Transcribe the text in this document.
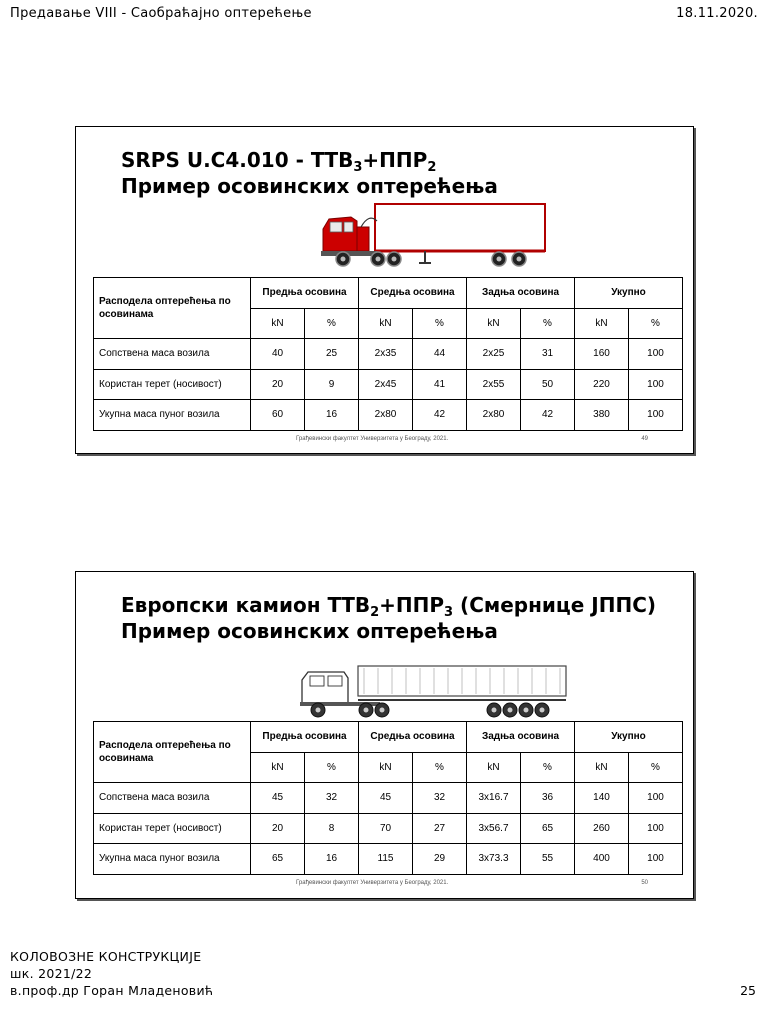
Предавање VIII - Саобраћајно оптерећење	18.11.2020.
SRPS $U.C4.010 - ТТВ_3+ППР_2$
Пример осовинских оптерећења
Расподела оптерећења по осовинама	Предња осовина		Средња осовина		Задња осовина		Укупно	
	kN	%	kN	%	kN	%	kN	%
Сопствена маса возила	40	25	2x35	44	2x25	31	160	100
Користан терет (носивост)	20	9	2x45	41	2x55	50	220	100
Укупна маса пуног возила	60	16	2x80	42	2x80	42	380	100
Грађевински факултет Универзитета у Београду, 2021.	49
Европски камион $ТТВ_2+ППР_3$ (Смернице ЈППС)
Пример осовинских оптерећења
Расподела оптерећења по осовинама	Предња осовина		Средња осовина		Задња осовина		Укупно	
	kN	%	kN	%	kN	%	kN	%
Сопствена маса возила	45	32	45	32	3x16.7	36	140	100
Користан терет (носивост)	20	8	70	27	3x56.7	65	260	100
Укупна маса пуног возила	65	16	115	29	3x73.3	55	400	100
Грађевински факултет Универзитета у Београду, 2021.	50
КОЛОВОЗНЕ КОНСТРУКЦИЈЕ
шк. 2021/22
в.проф.др Горан Младеновић	25
